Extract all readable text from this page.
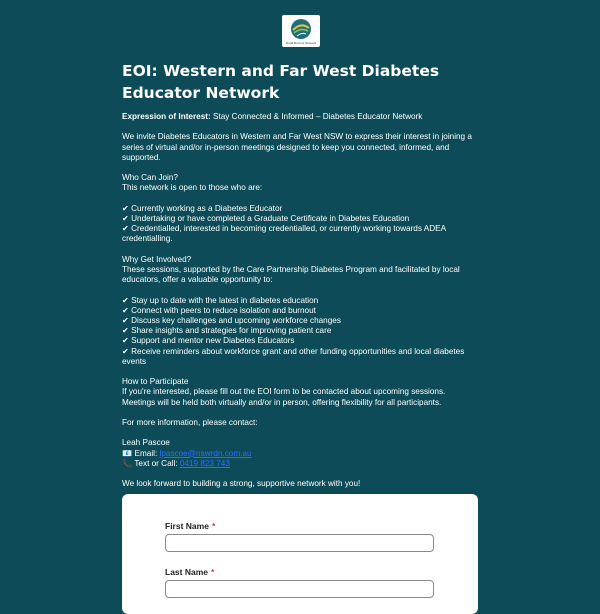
Rural Doctors Network
EOI: Western and Far West Diabetes Educator Network

Expression of Interest: Stay Connected & Informed – Diabetes Educator Network

We invite Diabetes Educators in Western and Far West NSW to express their interest in joining a series of virtual and/or in-person meetings designed to keep you connected, informed, and supported.

Who Can Join?

This network is open to those who are:

✔ Currently working as a Diabetes Educator

✔ Undertaking or have completed a Graduate Certificate in Diabetes Education

✔ Credentialled, interested in becoming credentialled, or currently working towards ADEA credentialling.

Why Get Involved?

These sessions, supported by the Care Partnership Diabetes Program and facilitated by local educators, offer a valuable opportunity to:

✔ Stay up to date with the latest in diabetes education

✔ Connect with peers to reduce isolation and burnout

✔ Discuss key challenges and upcoming workforce changes

✔ Share insights and strategies for improving patient care

✔ Support and mentor new Diabetes Educators

✔ Receive reminders about workforce grant and other funding opportunities and local diabetes events

How to Participate

If you're interested, please fill out the EOI form to be contacted about upcoming sessions. Meetings will be held both virtually and/or in person, offering flexibility for all participants.

For more information, please contact:

Leah Pascoe

📧 Email: lpascoe@nswrdn.com.au

📞 Text or Call: 0419 823 743

We look forward to building a strong, supportive network with you!

First Name *
Last Name *
